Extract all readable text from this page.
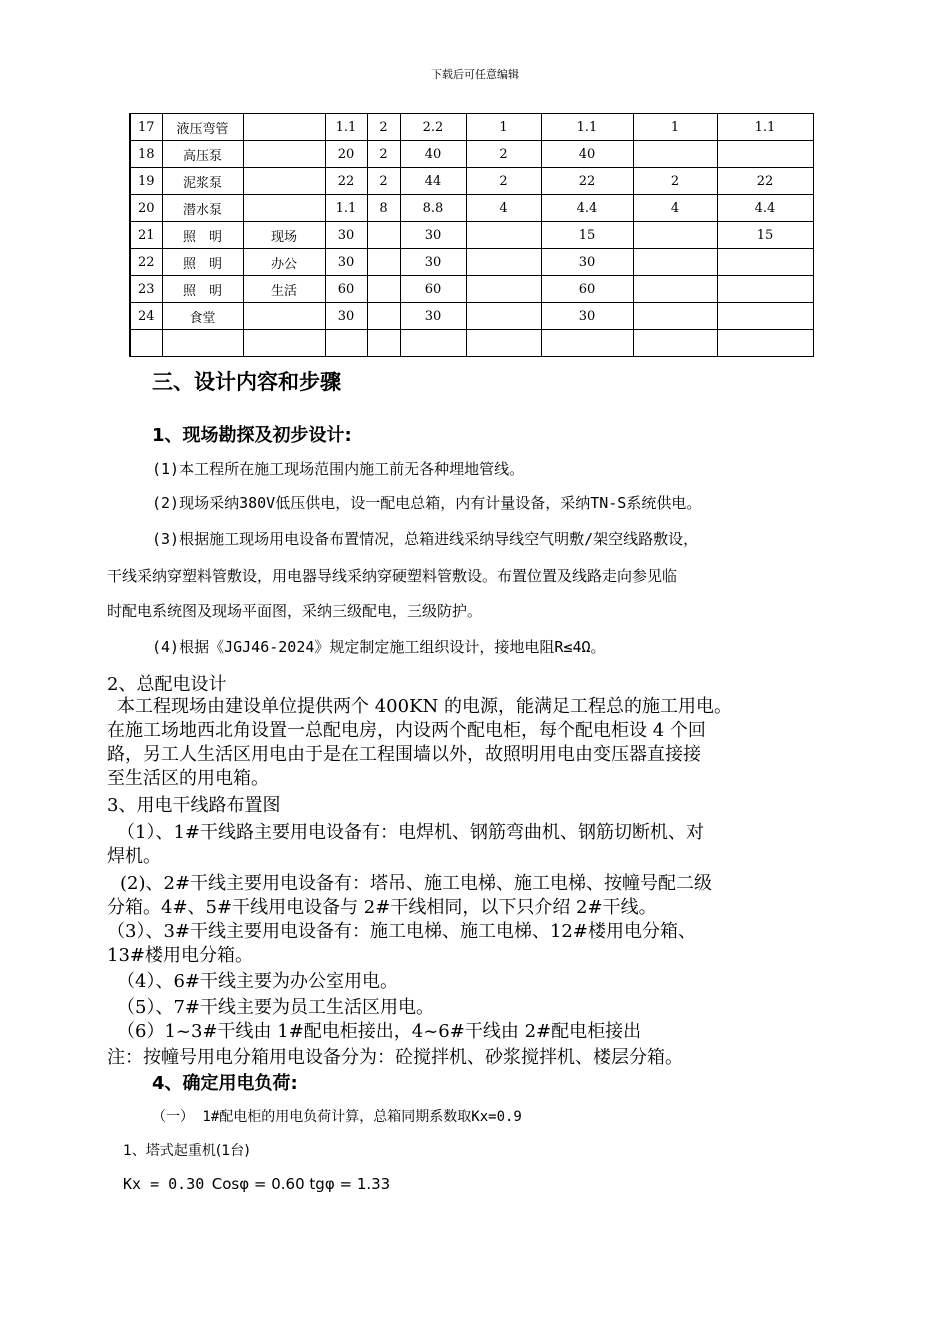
下载后可任意编辑
17	液压弯管		1.1	2	2.2	1	1.1	1	1.1
18	高压泵		20	2	40	2	40		
19	泥浆泵		22	2	44	2	22	2	22
20	潜水泵		1.1	8	8.8	4	4.4	4	4.4
21	照　明	现场	30		30		15		15
22	照　明	办公	30		30		30		
23	照　明	生活	60		60		60		
24	食堂		30		30		30		

三、设计内容和步骤
1、现场勘探及初步设计:
(1)本工程所在施工现场范围内施工前无各种埋地管线。
(2)现场采纳380V低压供电，设一配电总箱，内有计量设备，采纳TN-S系统供电。
(3)根据施工现场用电设备布置情况，总箱进线采纳导线空气明敷/架空线路敷设，
干线采纳穿塑料管敷设，用电器导线采纳穿硬塑料管敷设。布置位置及线路走向参见临
时配电系统图及现场平面图，采纳三级配电，三级防护。
(4)根据《JGJ46-2024》规定制定施工组织设计，接地电阻R≤4Ω。
2、总配电设计
本工程现场由建设单位提供两个 400KN 的电源，能满足工程总的施工用电。
在施工场地西北角设置一总配电房，内设两个配电柜，每个配电柜设 4 个回
路，另工人生活区用电由于是在工程围墙以外，故照明用电由变压器直接接
至生活区的用电箱。
3、用电干线路布置图
（1）、1#干线路主要用电设备有：电焊机、钢筋弯曲机、钢筋切断机、对
焊机。
(2)、2#干线主要用电设备有：塔吊、施工电梯、施工电梯、按幢号配二级
分箱。4#、5#干线用电设备与 2#干线相同，以下只介绍 2#干线。
（3）、3#干线主要用电设备有：施工电梯、施工电梯、12#楼用电分箱、
13#楼用电分箱。
（4）、6#干线主要为办公室用电。
（5）、7#干线主要为员工生活区用电。
（6）1~3#干线由 1#配电柜接出，4~6#干线由 2#配电柜接出
注：按幢号用电分箱用电设备分为：砼搅拌机、砂浆搅拌机、楼层分箱。
4、确定用电负荷:
（一） 1#配电柜的用电负荷计算，总箱同期系数取Kx=0.9
1、塔式起重机(1台)
Kx = 0.30 Cosφ = 0.60 tgφ = 1.33
